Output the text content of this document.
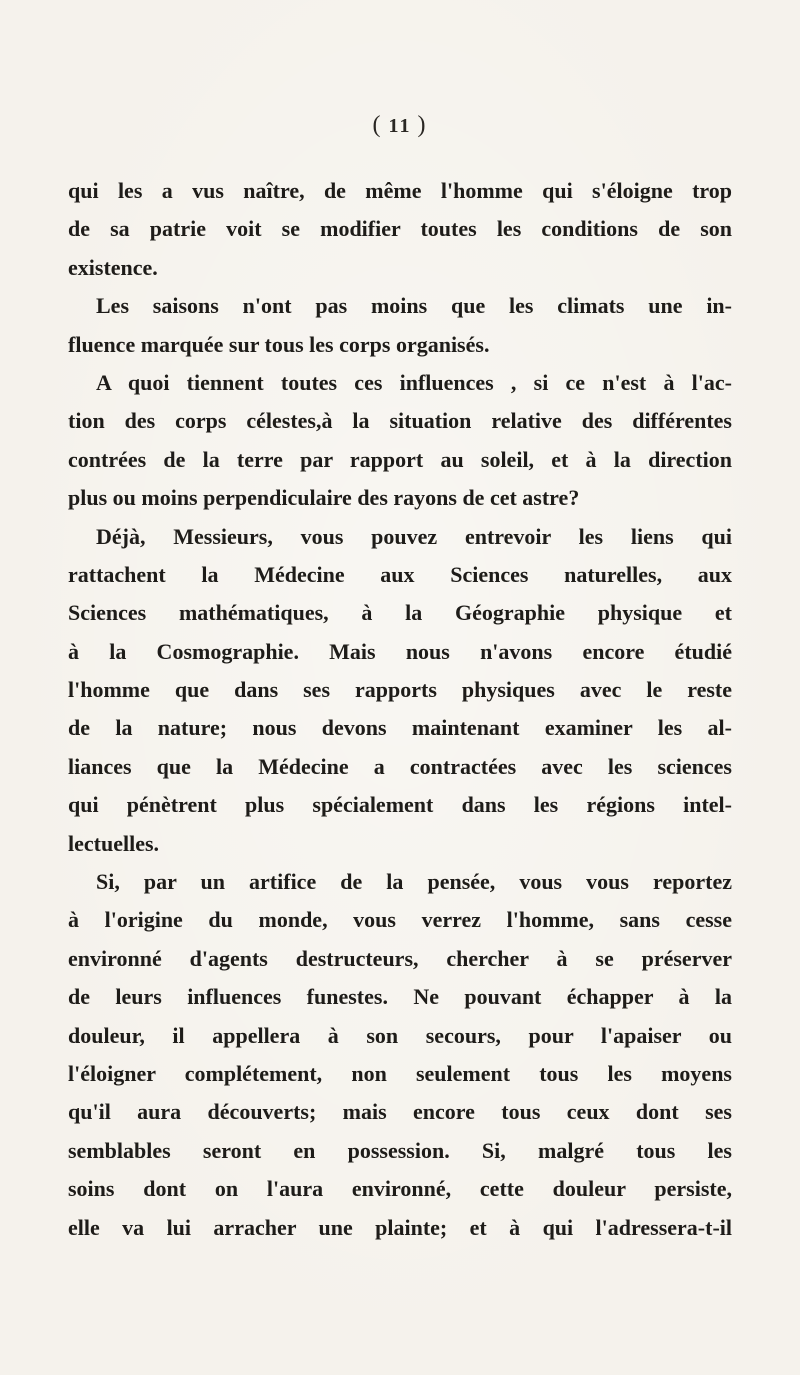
( 11 )
qui les a vus naître, de même l'homme qui s'éloigne trop
de sa patrie voit se modifier toutes les conditions de son
existence.
Les saisons n'ont pas moins que les climats une in-
fluence marquée sur tous les corps organisés.
A quoi tiennent toutes ces influences , si ce n'est à l'ac-
tion des corps célestes,à la situation relative des différentes
contrées de la terre par rapport au soleil, et à la direction
plus ou moins perpendiculaire des rayons de cet astre?
Déjà, Messieurs, vous pouvez entrevoir les liens qui
rattachent la Médecine aux Sciences naturelles, aux
Sciences mathématiques, à la Géographie physique et
à la Cosmographie. Mais nous n'avons encore étudié
l'homme que dans ses rapports physiques avec le reste
de la nature; nous devons maintenant examiner les al-
liances que la Médecine a contractées avec les sciences
qui pénètrent plus spécialement dans les régions intel-
lectuelles.
Si, par un artifice de la pensée, vous vous reportez
à l'origine du monde, vous verrez l'homme, sans cesse
environné d'agents destructeurs, chercher à se préserver
de leurs influences funestes. Ne pouvant échapper à la
douleur, il appellera à son secours, pour l'apaiser ou
l'éloigner complétement, non seulement tous les moyens
qu'il aura découverts; mais encore tous ceux dont ses
semblables seront en possession. Si, malgré tous les
soins dont on l'aura environné, cette douleur persiste,
elle va lui arracher une plainte; et à qui l'adressera-t-il
